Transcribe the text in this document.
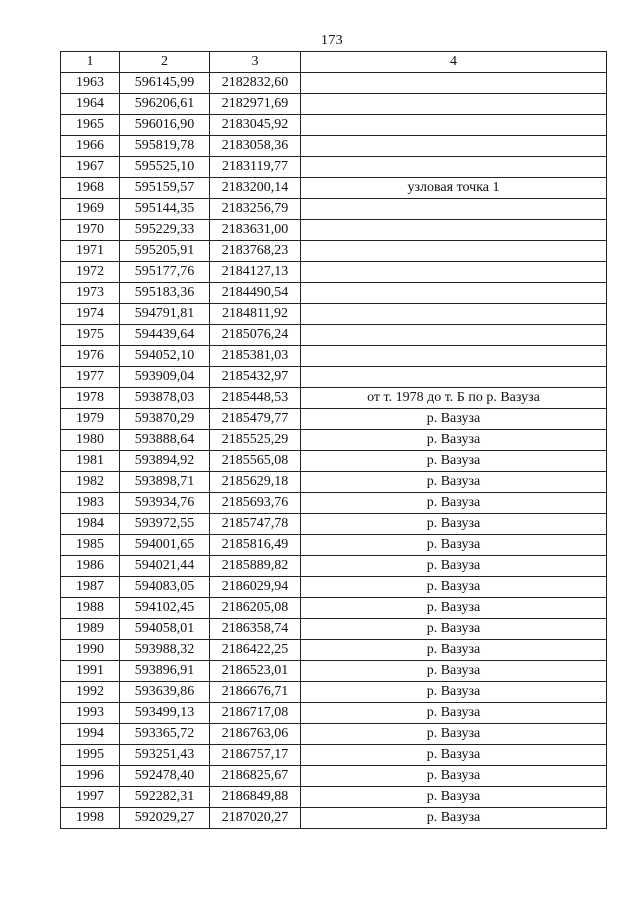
173
1	2	3	4
1963	596145,99	2182832,60	
1964	596206,61	2182971,69	
1965	596016,90	2183045,92	
1966	595819,78	2183058,36	
1967	595525,10	2183119,77	
1968	595159,57	2183200,14	узловая точка 1
1969	595144,35	2183256,79	
1970	595229,33	2183631,00	
1971	595205,91	2183768,23	
1972	595177,76	2184127,13	
1973	595183,36	2184490,54	
1974	594791,81	2184811,92	
1975	594439,64	2185076,24	
1976	594052,10	2185381,03	
1977	593909,04	2185432,97	
1978	593878,03	2185448,53	от т. 1978 до т. Б по р. Вазуза
1979	593870,29	2185479,77	р. Вазуза
1980	593888,64	2185525,29	р. Вазуза
1981	593894,92	2185565,08	р. Вазуза
1982	593898,71	2185629,18	р. Вазуза
1983	593934,76	2185693,76	р. Вазуза
1984	593972,55	2185747,78	р. Вазуза
1985	594001,65	2185816,49	р. Вазуза
1986	594021,44	2185889,82	р. Вазуза
1987	594083,05	2186029,94	р. Вазуза
1988	594102,45	2186205,08	р. Вазуза
1989	594058,01	2186358,74	р. Вазуза
1990	593988,32	2186422,25	р. Вазуза
1991	593896,91	2186523,01	р. Вазуза
1992	593639,86	2186676,71	р. Вазуза
1993	593499,13	2186717,08	р. Вазуза
1994	593365,72	2186763,06	р. Вазуза
1995	593251,43	2186757,17	р. Вазуза
1996	592478,40	2186825,67	р. Вазуза
1997	592282,31	2186849,88	р. Вазуза
1998	592029,27	2187020,27	р. Вазуза
